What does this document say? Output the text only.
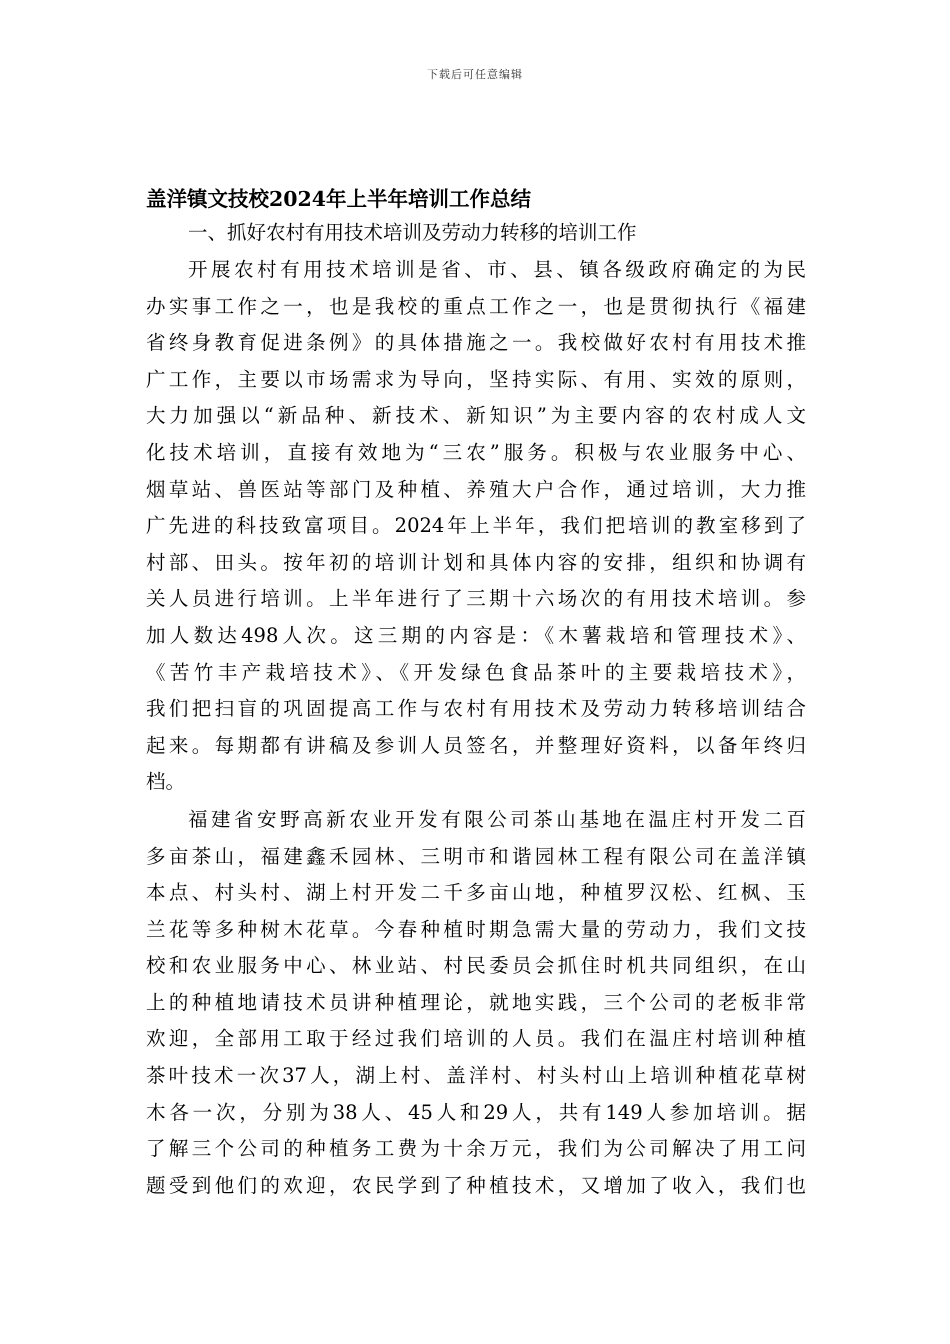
下载后可任意编辑
盖洋镇文技校2024年上半年培训工作总结
一、抓好农村有用技术培训及劳动力转移的培训工作
开展农村有用技术培训是省、市、县、镇各级政府确定的为民
办实事工作之一，也是我校的重点工作之一，也是贯彻执行《福建
省终身教育促进条例》的具体措施之一。我校做好农村有用技术推
广工作，主要以市场需求为导向，坚持实际、有用、实效的原则，
大力加强以“新品种、新技术、新知识”为主要内容的农村成人文
化技术培训，直接有效地为“三农”服务。积极与农业服务中心、
烟草站、兽医站等部门及种植、养殖大户合作，通过培训，大力推
广先进的科技致富项目。2024年上半年，我们把培训的教室移到了
村部、田头。按年初的培训计划和具体内容的安排，组织和协调有
关人员进行培训。上半年进行了三期十六场次的有用技术培训。参
加人数达498人次。这三期的内容是：《木薯栽培和管理技术》、
《苦竹丰产栽培技术》、《开发绿色食品茶叶的主要栽培技术》，
我们把扫盲的巩固提高工作与农村有用技术及劳动力转移培训结合
起来。每期都有讲稿及参训人员签名，并整理好资料，以备年终归
档。
福建省安野高新农业开发有限公司茶山基地在温庄村开发二百
多亩茶山，福建鑫禾园林、三明市和谐园林工程有限公司在盖洋镇
本点、村头村、湖上村开发二千多亩山地，种植罗汉松、红枫、玉
兰花等多种树木花草。今春种植时期急需大量的劳动力，我们文技
校和农业服务中心、林业站、村民委员会抓住时机共同组织，在山
上的种植地请技术员讲种植理论，就地实践，三个公司的老板非常
欢迎，全部用工取于经过我们培训的人员。我们在温庄村培训种植
茶叶技术一次37人，湖上村、盖洋村、村头村山上培训种植花草树
木各一次，分别为38人、45人和29人，共有149人参加培训。据
了解三个公司的种植务工费为十余万元，我们为公司解决了用工问
题受到他们的欢迎，农民学到了种植技术，又增加了收入，我们也
